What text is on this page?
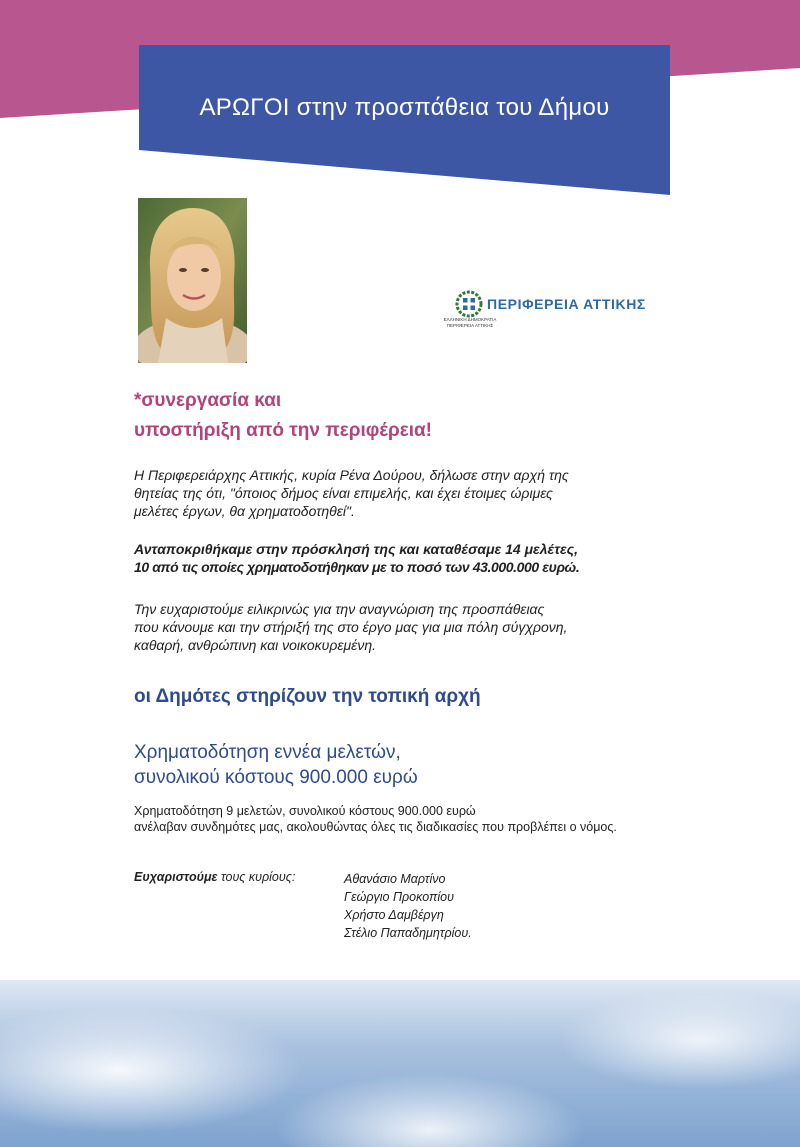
ΑΡΩΓΟΙ στην προσπάθεια του Δήμου
ΠΕΡΙΦΕΡΕΙΑ ΑΤΤΙΚΗΣ
ΕΛΛΗΝΙΚΗ ΔΗΜΟΚΡΑΤΙΑ
ΠΕΡΙΦΕΡΕΙΑ ΑΤΤΙΚΗΣ
*συνεργασία και
υποστήριξη από την περιφέρεια!
Η Περιφερειάρχης Αττικής, κυρία Ρένα Δούρου, δήλωσε στην αρχή της
θητείας της ότι, "όποιος δήμος είναι επιμελής, και έχει έτοιμες ώριμες
μελέτες έργων, θα χρηματοδοτηθεί".
Ανταποκριθήκαμε στην πρόσκλησή της και καταθέσαμε 14 μελέτες,
10 από τις οποίες χρηματοδοτήθηκαν με το ποσό των 43.000.000 ευρώ.
Την ευχαριστούμε ειλικρινώς για την αναγνώριση της προσπάθειας
που κάνουμε και την στήριξή της στο έργο μας για μια πόλη σύγχρονη,
καθαρή, ανθρώπινη και νοικοκυρεμένη.
οι Δημότες στηρίζουν την τοπική αρχή
Χρηματοδότηση εννέα μελετών,
συνολικού κόστους 900.000 ευρώ
Χρηματοδότηση 9 μελετών, συνολικού κόστους 900.000 ευρώ
ανέλαβαν συνδημότες μας, ακολουθώντας όλες τις διαδικασίες που προβλέπει ο νόμος.
Ευχαριστούμε τους κυρίους:	Αθανάσιο Μαρτίνο
Γεώργιο Προκοπίου
Χρήστο Δαμβέργη
Στέλιο Παπαδημητρίου.
